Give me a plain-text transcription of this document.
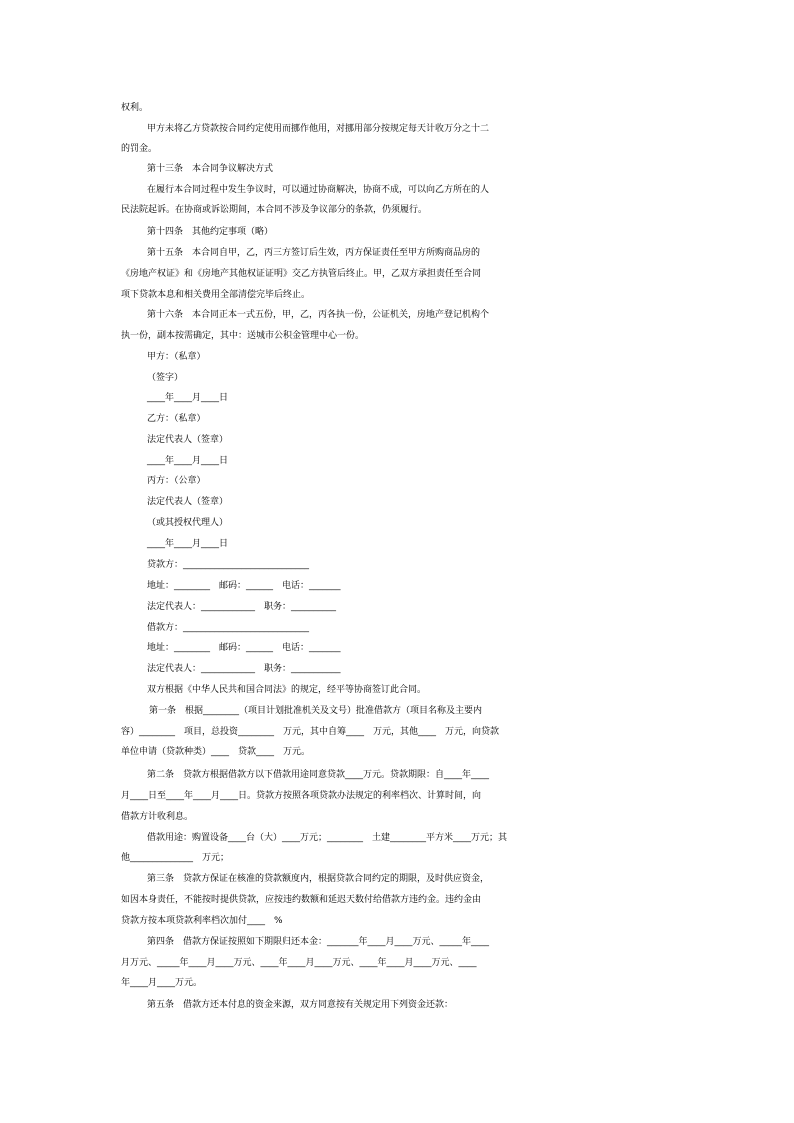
权利。
甲方未将乙方贷款按合同约定使用而挪作他用，对挪用部分按规定每天计收万分之十二
的罚金。
第十三条　本合同争议解决方式
在履行本合同过程中发生争议时，可以通过协商解决，协商不成，可以向乙方所在的人
民法院起诉。在协商或诉讼期间，本合同不涉及争议部分的条款，仍须履行。
第十四条　其他约定事项（略）
第十五条　本合同自甲，乙，丙三方签订后生效，丙方保证责任至甲方所购商品房的
《房地产权证》和《房地产其他权证证明》交乙方执管后终止。甲，乙双方承担责任至合同
项下贷款本息和相关费用全部清偿完毕后终止。
第十六条　本合同正本一式五份，甲，乙，丙各执一份，公证机关，房地产登记机构个
执一份，副本按需确定，其中：送城市公积金管理中心一份。
甲方：（私章）
（签字）
____年____月____日
乙方：（私章）
法定代表人（签章）
____年____月____日
丙方：（公章）
法定代表人（签章）
（或其授权代理人）
____年____月____日
贷款方：____________________________
地址：________　邮码：______　电话：_______
法定代表人：____________　职务：__________
借款方：____________________________
地址：________　邮码：______　电话：_______
法定代表人：____________　职务：___________
双方根据《中华人民共和国合同法》的规定，经平等协商签订此合同。
第一条　根据________（项目计划批准机关及文号）批准借款方（项目名称及主要内
容）________　项目，总投资________　万元，其中自筹____　万元，其他____　万元，向贷款
单位申请（贷款种类）____　贷款____　万元。
第二条　贷款方根据借款方以下借款用途同意贷款____万元。贷款期限：自____年____
月____日至____年____月____日。贷款方按照各项贷款办法规定的利率档次、计算时间，向
借款方计收利息。
借款用途：购置设备____台（大）____万元；________　土建________平方米____万元；其
他______________　万元；
第三条　贷款方保证在核准的贷款额度内，根据贷款合同约定的期限，及时供应资金，
如因本身责任，不能按时提供贷款，应按违约数额和延迟天数付给借款方违约金。违约金由
贷款方按本项贷款利率档次加付____　%
第四条　借款方保证按照如下期限归还本金：_______年____月____万元、_____年____
月万元、_____年____月____万元、____年____月____万元、____年____月____万元、____
年____月____万元。
第五条　借款方还本付息的资金来源，双方同意按有关规定用下列资金还款：
